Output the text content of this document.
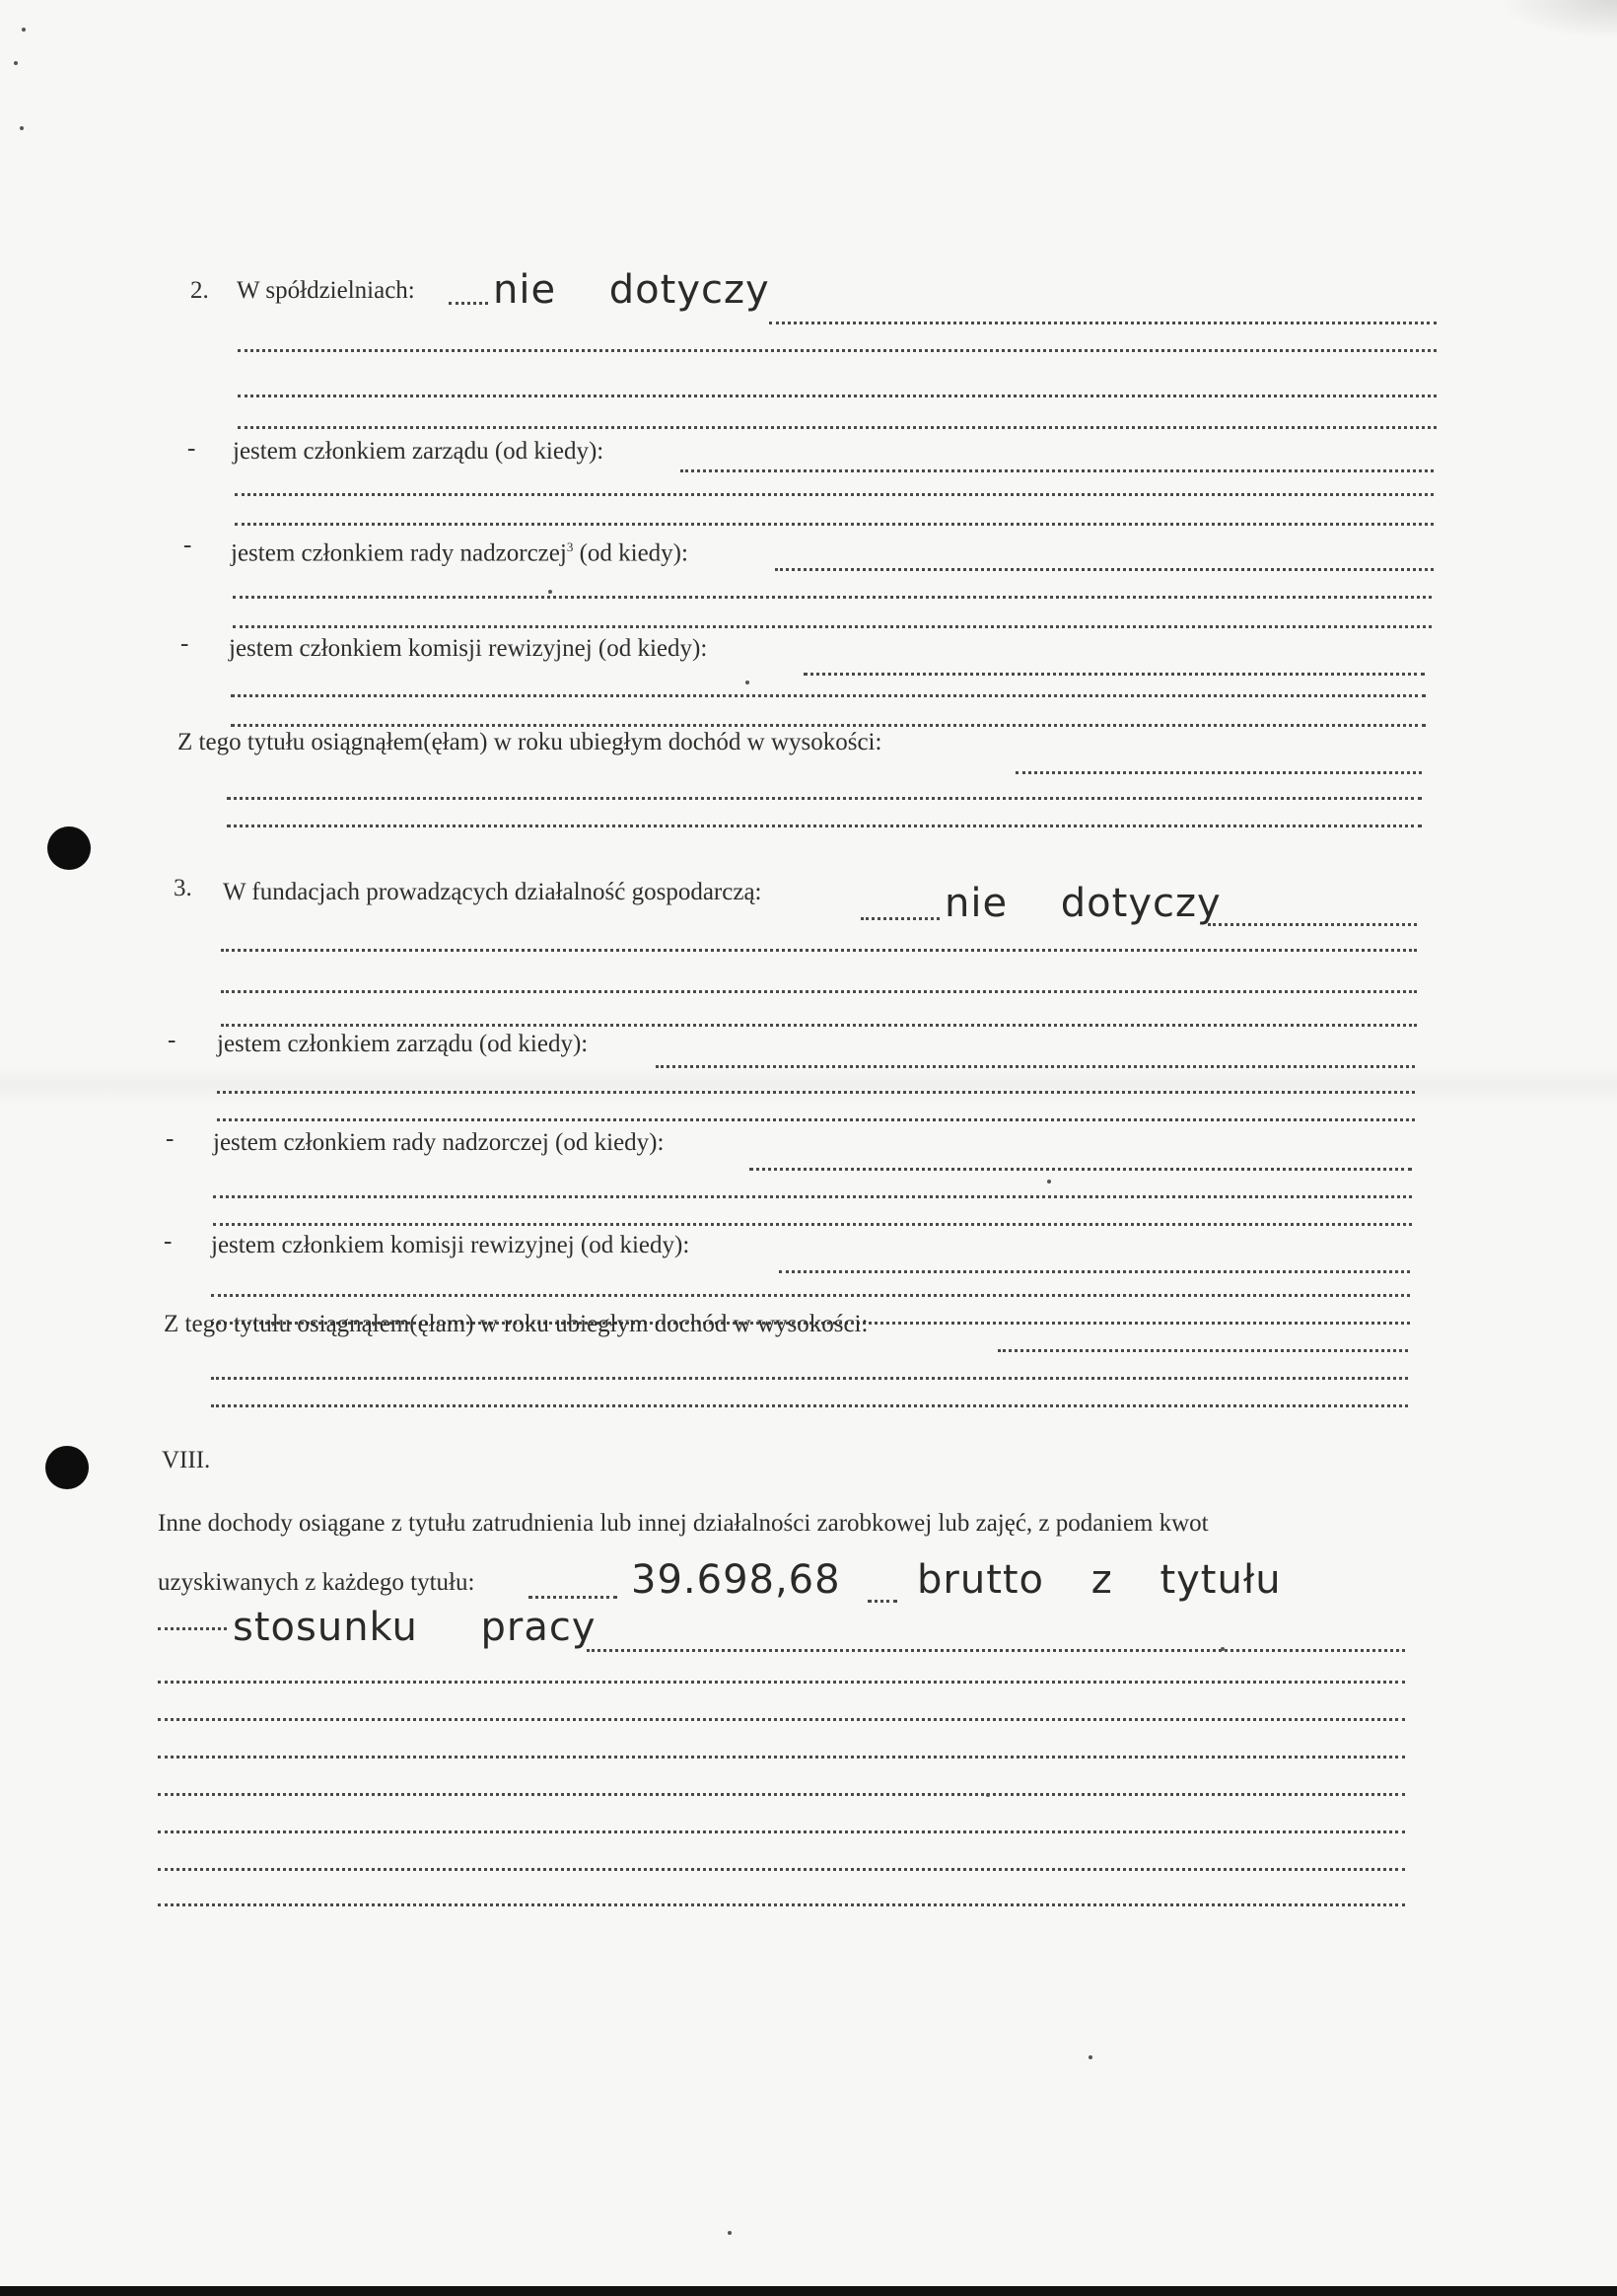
2. W spółdzielniach: nie dotyczy
- jestem członkiem zarządu (od kiedy):
- jestem członkiem rady nadzorczej$^3$ (od kiedy):
- jestem członkiem komisji rewizyjnej (od kiedy):
Z tego tytułu osiągnąłem(ęłam) w roku ubiegłym dochód w wysokości:
3. W fundacjach prowadzących działalność gospodarczą:	nie dotyczy
- jestem członkiem zarządu (od kiedy):
- jestem członkiem rady nadzorczej (od kiedy):
- jestem członkiem komisji rewizyjnej (od kiedy):
Z tego tytułu osiągnąłem(ęłam) w roku ubiegłym dochód w wysokości:
VIII.
Inne dochody osiągane z tytułu zatrudnienia lub innej działalności zarobkowej lub zajęć, z podaniem kwot
uzyskiwanych z każdego tytułu:	39.698,68 brutto z tytułu
stosunku pracy
